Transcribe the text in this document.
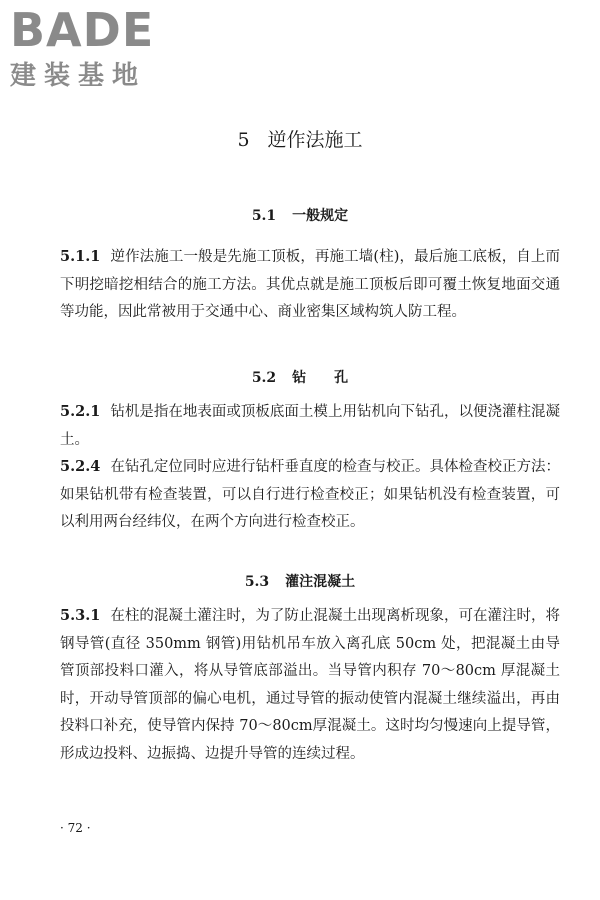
BADE

建装基地

5 逆作法施工
5.1 一般规定

5.1.1 逆作法施工一般是先施工顶板，再施工墙(柱)，最后施工底板，自上而下明挖暗挖相结合的施工方法。其优点就是施工顶板后即可覆土恢复地面交通等功能，因此常被用于交通中心、商业密集区域构筑人防工程。

5.2 钻　　孔

5.2.1 钻机是指在地表面或顶板底面土模上用钻机向下钻孔，以便浇灌柱混凝土。

5.2.4 在钻孔定位同时应进行钻杆垂直度的检查与校正。具体检查校正方法：如果钻机带有检查装置，可以自行进行检查校正；如果钻机没有检查装置，可以利用两台经纬仪，在两个方向进行检查校正。

5.3 灌注混凝土

5.3.1 在柱的混凝土灌注时，为了防止混凝土出现离析现象，可在灌注时，将钢导管(直径 350mm 钢管)用钻机吊车放入离孔底 50cm 处，把混凝土由导管顶部投料口灌入，将从导管底部溢出。当导管内积存 70～80cm 厚混凝土时，开动导管顶部的偏心电机，通过导管的振动使管内混凝土继续溢出，再由投料口补充，使导管内保持 70～80cm厚混凝土。这时均匀慢速向上提导管，形成边投料、边振捣、边提升导管的连续过程。

· 72 ·
